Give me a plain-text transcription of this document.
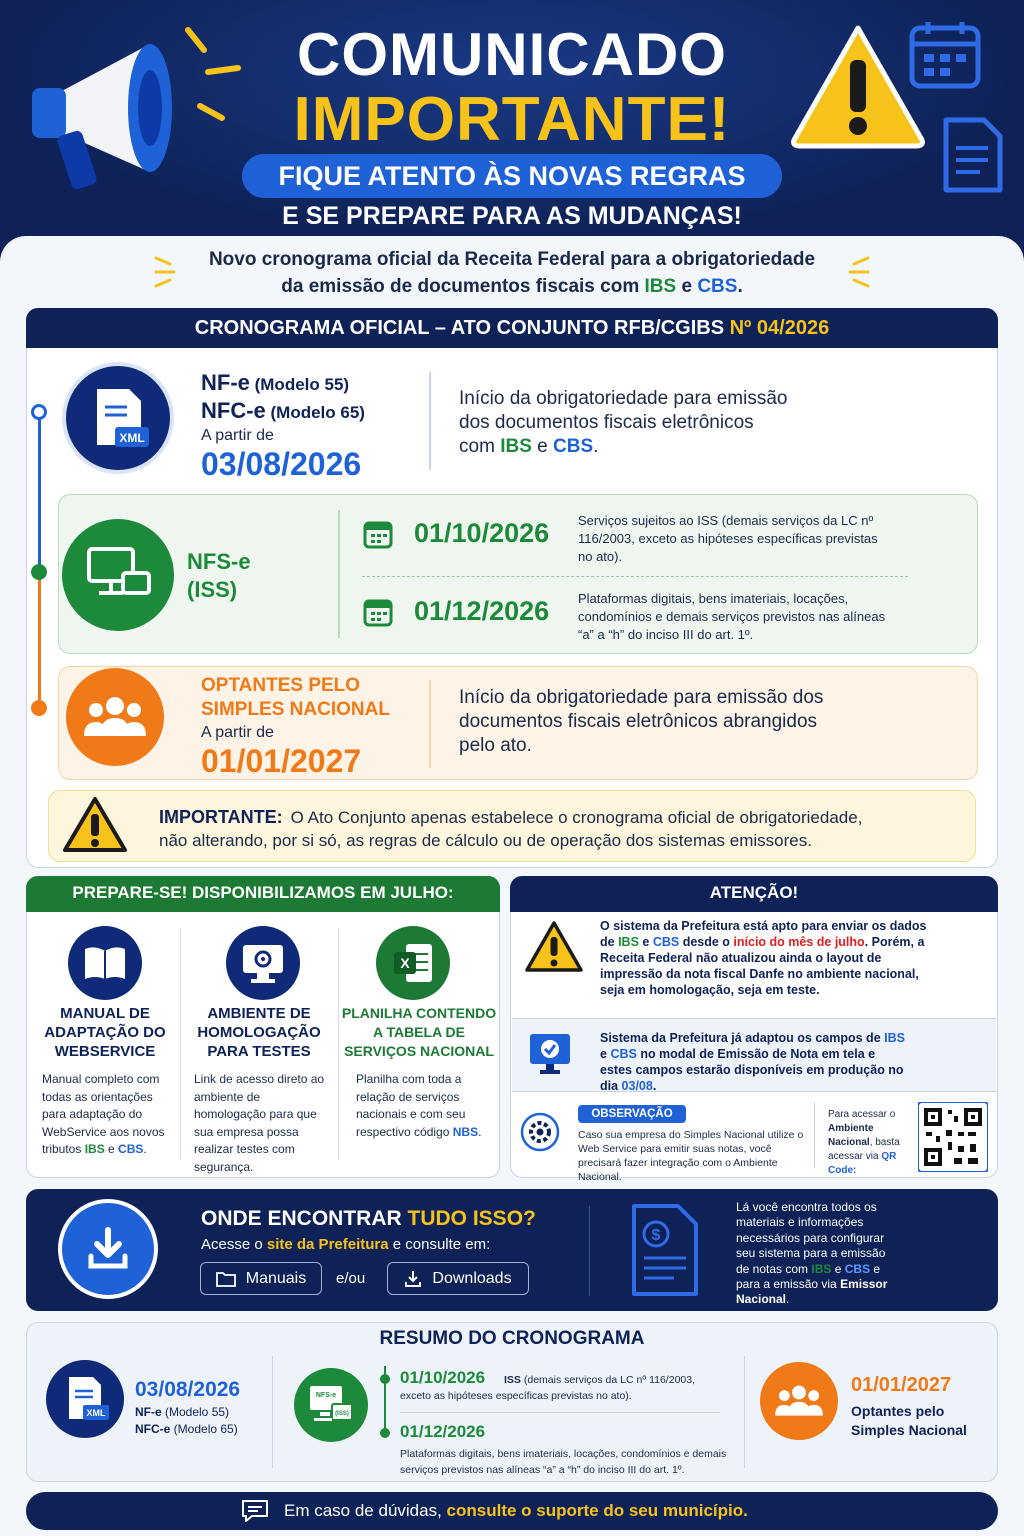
COMUNICADO
IMPORTANTE!
FIQUE ATENTO ÀS NOVAS REGRAS
E SE PREPARE PARA AS MUDANÇAS!
Novo cronograma oficial da Receita Federal para a obrigatoriedade
da emissão de documentos fiscais com IBS e CBS.
CRONOGRAMA OFICIAL – ATO CONJUNTO RFB/CGIBS Nº 04/2026
XML
NF-e (Modelo 55)
NFC-e (Modelo 65)
A partir de
03/08/2026
Início da obrigatoriedade para emissão
dos documentos fiscais eletrônicos
com IBS e CBS.
NFS-e
(ISS)
01/10/2026 Serviços sujeitos ao ISS (demais serviços da LC nº 116/2003, exceto as hipóteses específicas previstas no ato).
01/12/2026 Plataformas digitais, bens imateriais, locações, condomínios e demais serviços previstos nas alíneas “a” a “h” do inciso III do art. 1º.
OPTANTES PELO
SIMPLES NACIONAL
A partir de
01/01/2027
Início da obrigatoriedade para emissão dos
documentos fiscais eletrônicos abrangidos
pelo ato.
IMPORTANTE: O Ato Conjunto apenas estabelece o cronograma oficial de obrigatoriedade,
não alterando, por si só, as regras de cálculo ou de operação dos sistemas emissores.
PREPARE-SE! DISPONIBILIZAMOS EM JULHO:
MANUAL DE
ADAPTAÇÃO DO
WEBSERVICE
Manual completo com todas as orientações para adaptação do WebService aos novos tributos IBS e CBS.
AMBIENTE DE
HOMOLOGAÇÃO
PARA TESTES
Link de acesso direto ao ambiente de homologação para que sua empresa possa realizar testes com segurança.
X
PLANILHA CONTENDO
A TABELA DE
SERVIÇOS NACIONAL
Planilha com toda a relação de serviços nacionais e com seu respectivo código NBS.
ATENÇÃO!
O sistema da Prefeitura está apto para enviar os dados de IBS e CBS desde o início do mês de julho. Porém, a Receita Federal não atualizou ainda o layout de impressão da nota fiscal Danfe no ambiente nacional, seja em homologação, seja em teste.
Sistema da Prefeitura já adaptou os campos de IBS e CBS no modal de Emissão de Nota em tela e estes campos estarão disponíveis em produção no dia 03/08.
OBSERVAÇÃO
Caso sua empresa do Simples Nacional utilize o Web Service para emitir suas notas, você precisará fazer integração com o Ambiente Nacional.
Para acessar o Ambiente Nacional, basta acessar via QR Code:
ONDE ENCONTRAR TUDO ISSO?
Acesse o site da Prefeitura e consulte em:
Manuais e/ou	Downloads
$
Lá você encontra todos os materiais e informações necessários para configurar seu sistema para a emissão de notas com IBS e CBS e para a emissão via Emissor Nacional.
RESUMO DO CRONOGRAMA
XML
03/08/2026
NF-e (Modelo 55)
NFC-e (Modelo 65)
NFS-e
(ISS)
01/10/2026	ISS (demais serviços da LC nº 116/2003, exceto as hipóteses específicas previstas no ato).
01/12/2026
Plataformas digitais, bens imateriais, locações, condomínios e demais serviços previstos nas alíneas “a” a “h” do inciso III do art. 1º.
01/01/2027
Optantes pelo
Simples Nacional
Em caso de dúvidas, consulte o suporte do seu município.
